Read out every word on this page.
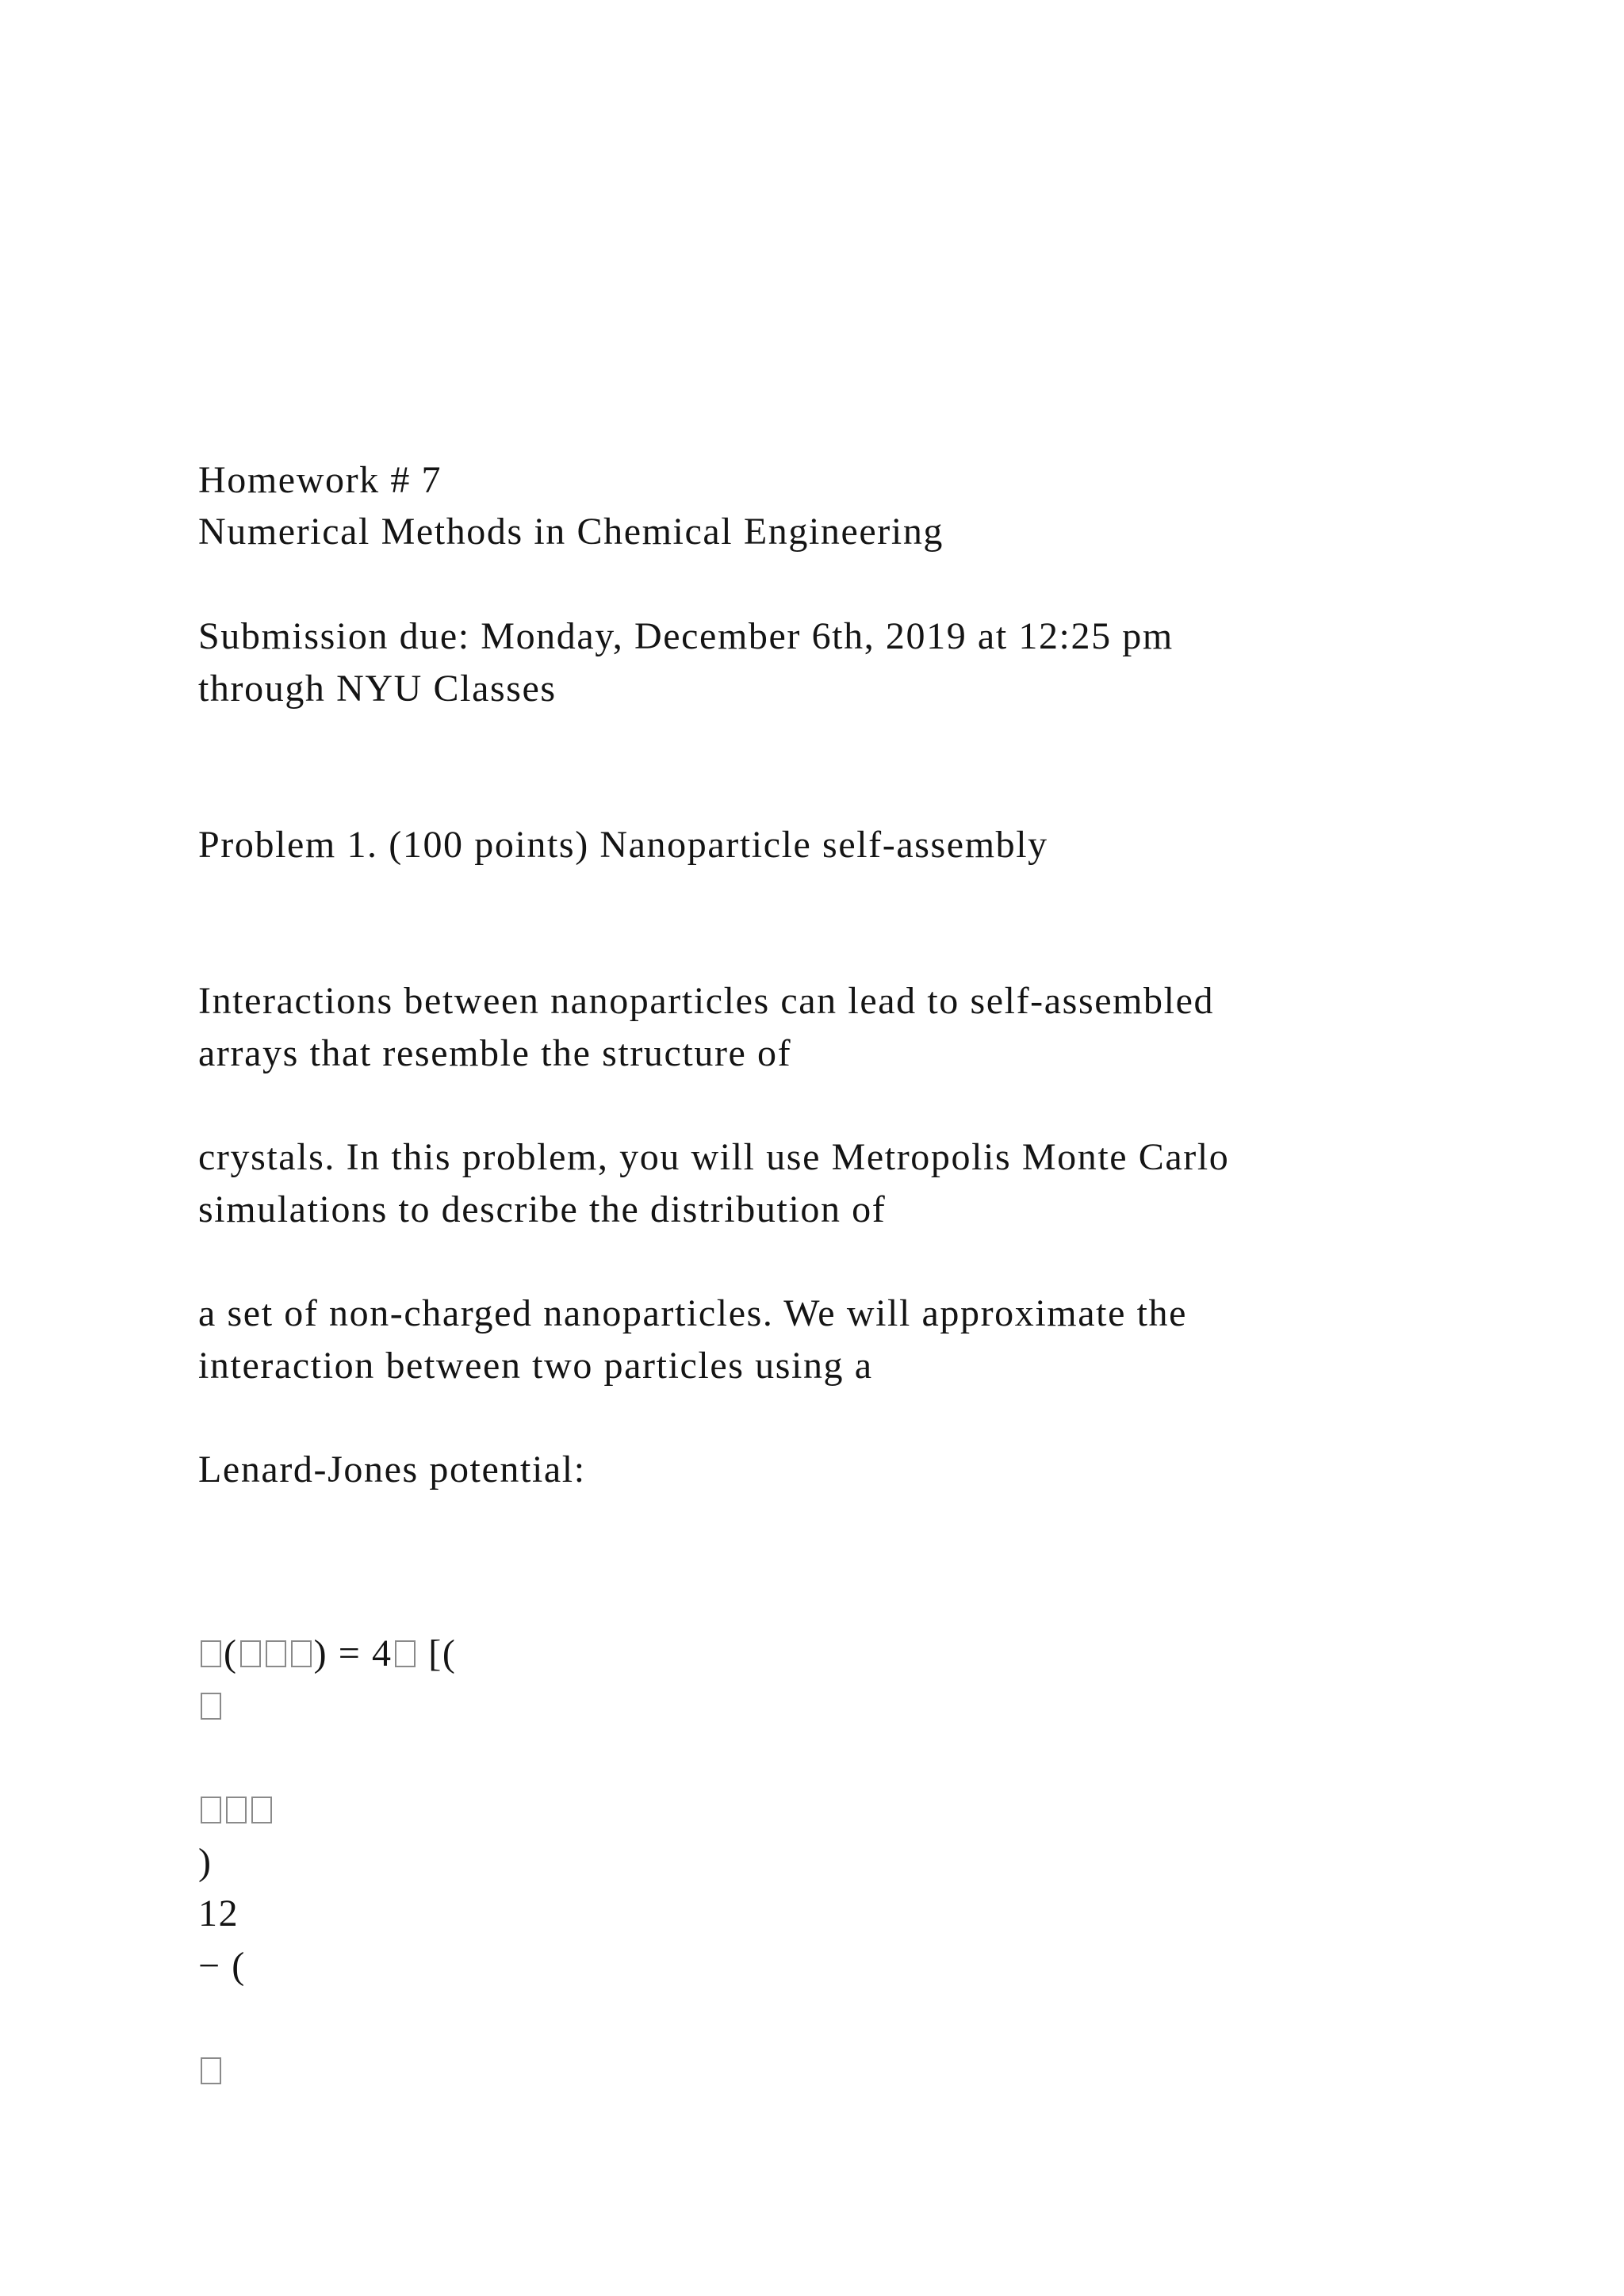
Homework # 7
Numerical Methods in Chemical Engineering
Submission due: Monday, December 6th, 2019 at 12:25 pm
through NYU Classes
Problem 1. (100 points) Nanoparticle self-assembly
Interactions between nanoparticles can lead to self-assembled
arrays that resemble the structure of
crystals. In this problem, you will use Metropolis Monte Carlo
simulations to describe the distribution of
a set of non-charged nanoparticles. We will approximate the
interaction between two particles using a
Lenard-Jones potential:
( ) = 4 [(
)
12
− (
